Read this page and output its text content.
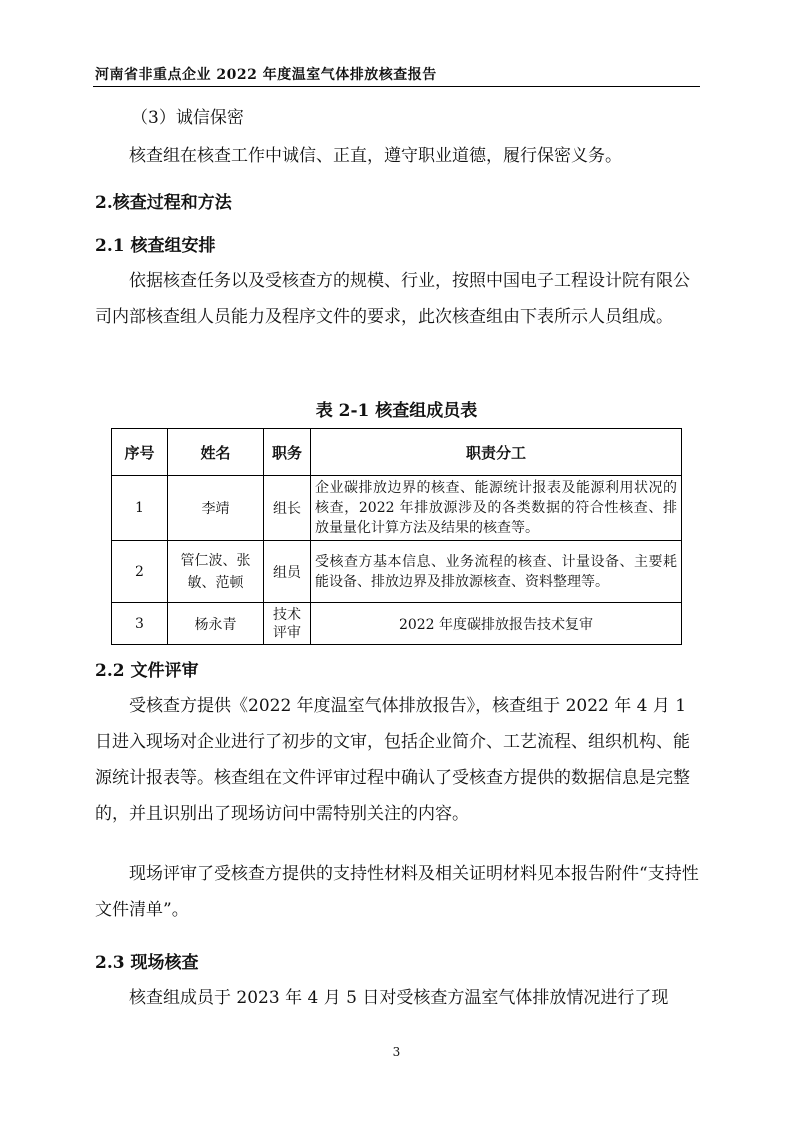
河南省非重点企业 2022 年度温室气体排放核查报告

（3）诚信保密

核查组在核查工作中诚信、正直，遵守职业道德，履行保密义务。

2.核查过程和方法

2.1 核查组安排

依据核查任务以及受核查方的规模、行业，按照中国电子工程设计院有限公司内部核查组人员能力及程序文件的要求，此次核查组由下表所示人员组成。

表 2-1 核查组成员表
序号	姓名	职务	职责分工
1	李靖	组长	企业碳排放边界的核查、能源统计报表及能源利用状况的核查，2022 年排放源涉及的各类数据的符合性核查、排放量量化计算方法及结果的核查等。
2	管仁波、张敏、范顿	组员	受核查方基本信息、业务流程的核查、计量设备、主要耗能设备、排放边界及排放源核查、资料整理等。
3	杨永青	技术评审	2022 年度碳排放报告技术复审

2.2 文件评审

受核查方提供《2022 年度温室气体排放报告》，核查组于 2022 年 4 月 1 日进入现场对企业进行了初步的文审，包括企业简介、工艺流程、组织机构、能源统计报表等。核查组在文件评审过程中确认了受核查方提供的数据信息是完整的，并且识别出了现场访问中需特别关注的内容。

现场评审了受核查方提供的支持性材料及相关证明材料见本报告附件“支持性文件清单”。

2.3 现场核查

核查组成员于 2023 年 4 月 5 日对受核查方温室气体排放情况进行了现

3
